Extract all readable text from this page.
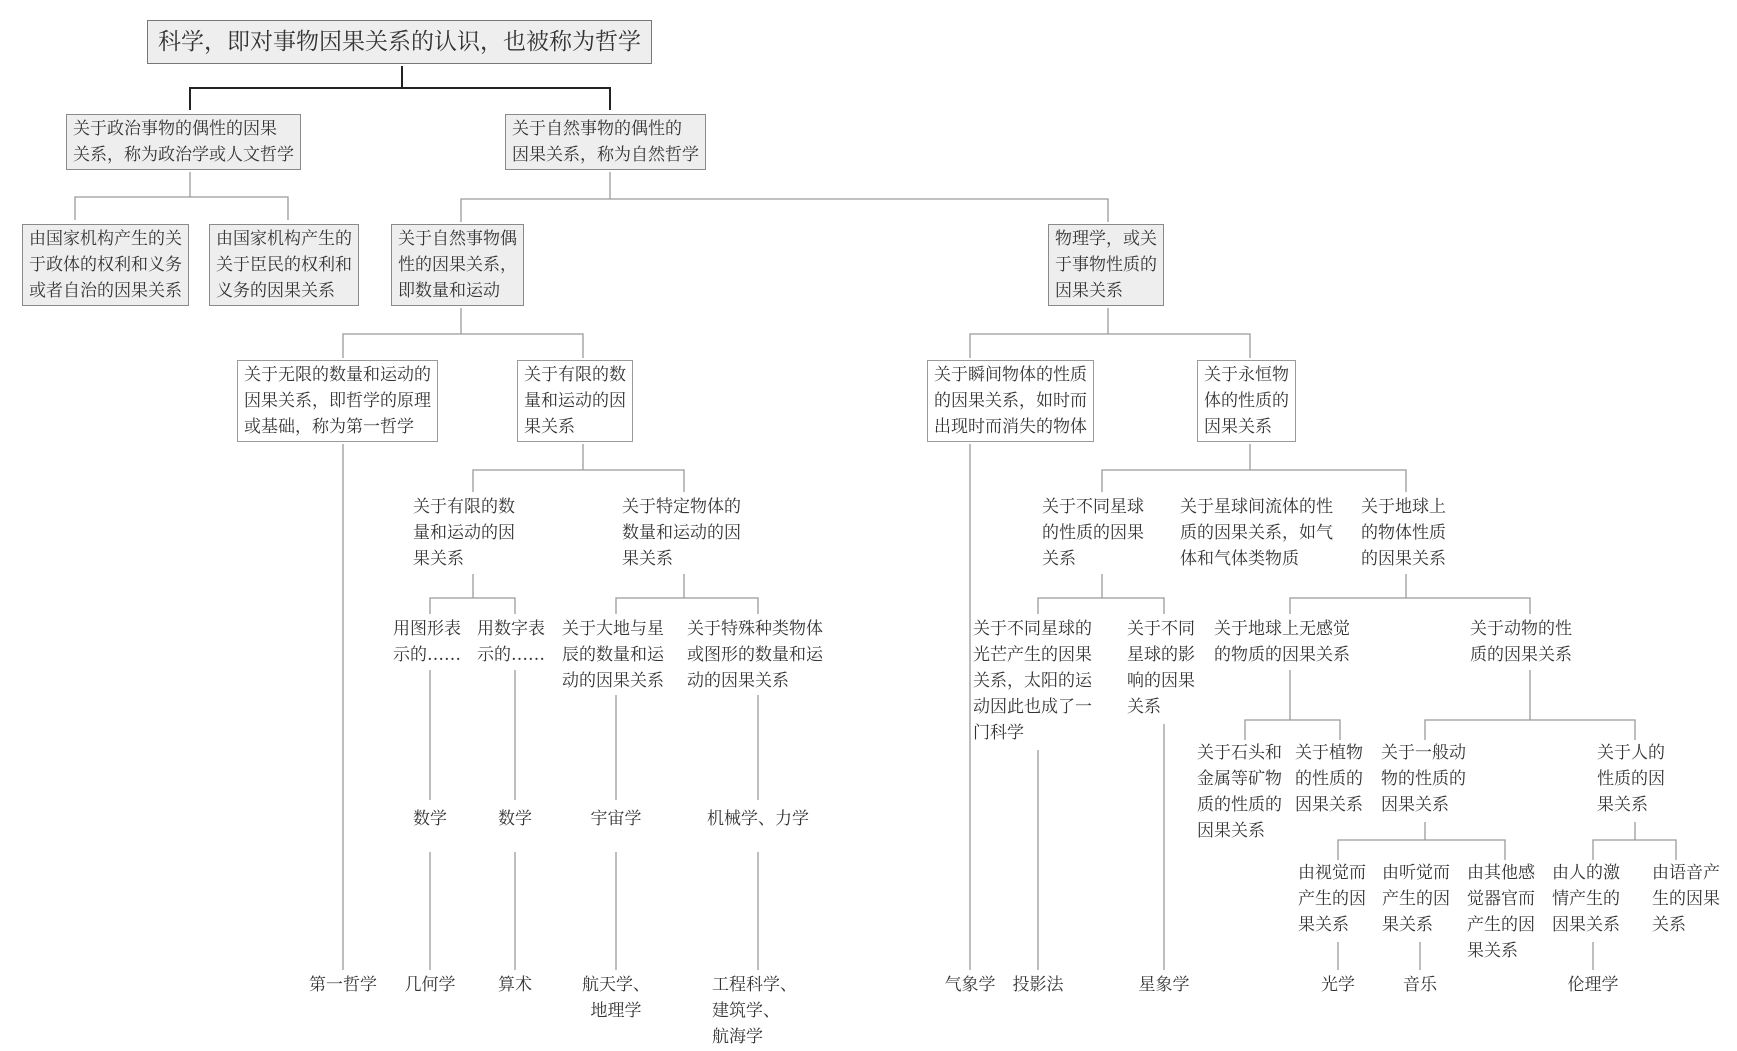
科学，即对事物因果关系的认识，也被称为哲学
关于政治事物的偶性的因果
关系，称为政治学或人文哲学
关于自然事物的偶性的
因果关系，称为自然哲学
由国家机构产生的关
于政体的权利和义务
或者自治的因果关系
由国家机构产生的
关于臣民的权利和
义务的因果关系
关于自然事物偶
性的因果关系，
即数量和运动
物理学，或关
于事物性质的
因果关系
关于无限的数量和运动的
因果关系，即哲学的原理
或基础，称为第一哲学
关于有限的数
量和运动的因
果关系
关于瞬间物体的性质
的因果关系，如时而
出现时而消失的物体
关于永恒物
体的性质的
因果关系
关于有限的数
量和运动的因
果关系
关于特定物体的
数量和运动的因
果关系
关于不同星球
的性质的因果
关系
关于星球间流体的性
质的因果关系，如气
体和气体类物质
关于地球上
的物体性质
的因果关系
用图形表
示的……
用数字表
示的……
关于大地与星
辰的数量和运
动的因果关系
关于特殊种类物体
或图形的数量和运
动的因果关系
关于不同星球的
光芒产生的因果
关系，太阳的运
动因此也成了一
门科学
关于不同
星球的影
响的因果
关系
关于地球上无感觉
的物质的因果关系
关于动物的性
质的因果关系
关于石头和
金属等矿物
质的性质的
因果关系
关于植物
的性质的
因果关系
关于一般动
物的性质的
因果关系
关于人的
性质的因
果关系
数学	数学	宇宙学	机械学、力学
由视觉而
产生的因
果关系
由听觉而
产生的因
果关系
由其他感
觉器官而
产生的因
果关系
由人的激
情产生的
因果关系
由语音产
生的因果
关系
第一哲学	几何学	算术	航天学、
地理学
工程科学、
建筑学、
航海学
气象学	投影法	星象学	光学	音乐	伦理学
